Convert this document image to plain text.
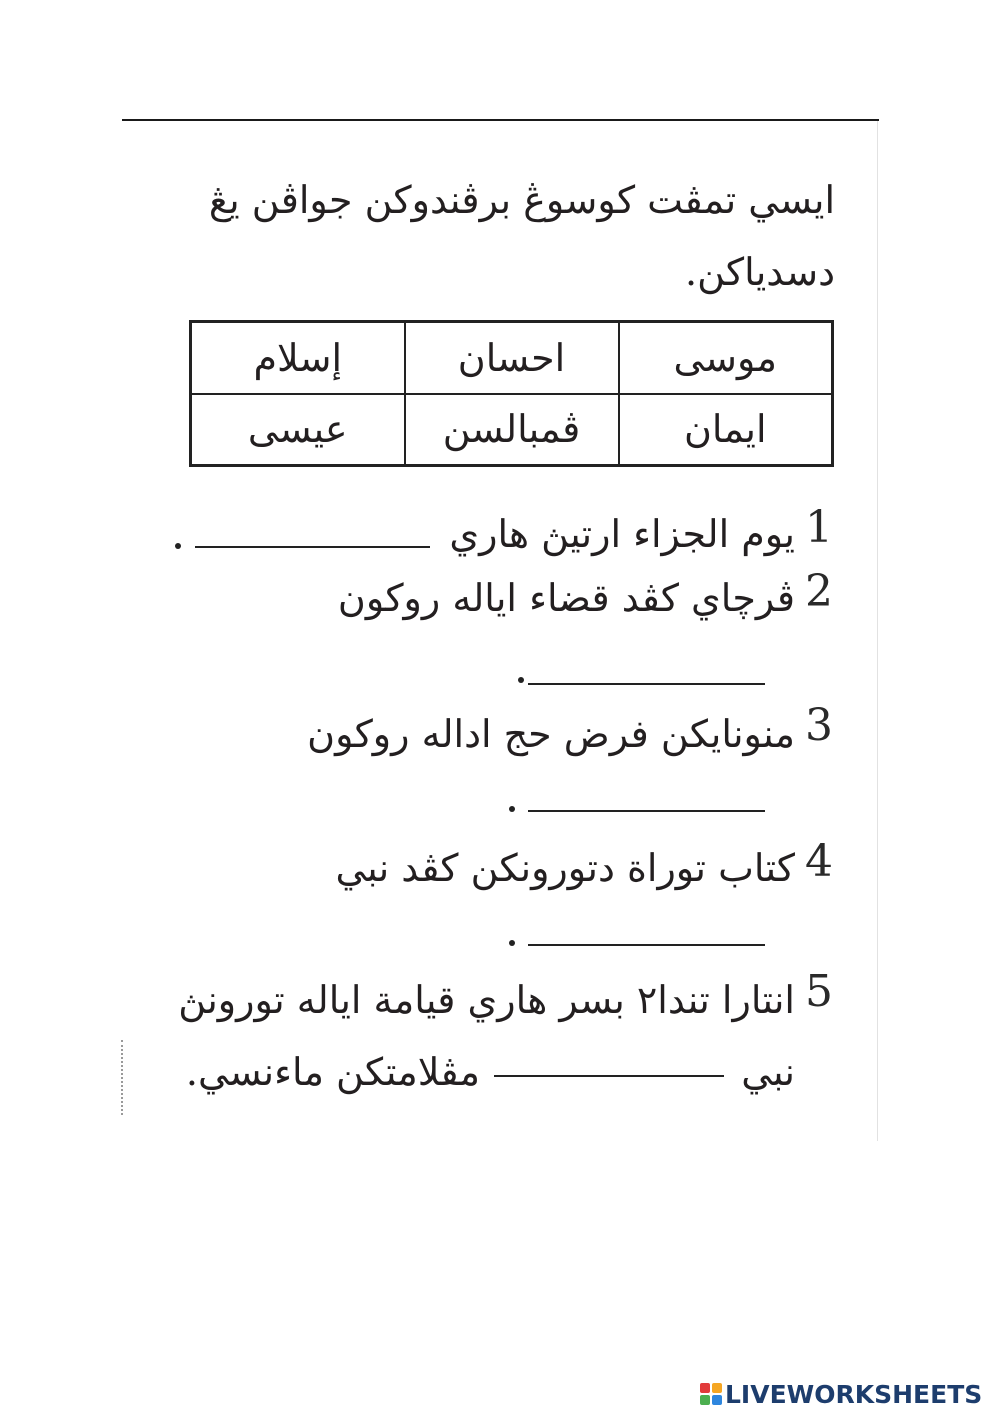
ايسي تمڤت كوسوڠ برڤندوكن جواڤن يڠ
دسدياكن.
موسى	احسان	إسلام
ايمان	ڤمبالسن	عيسى
1
يوم الجزاء ارتيڽ هاري
2
ڤرچاي كڤد قضاء اياله روكون
3
منونايكن فرض حج اداله روكون
4
كتاب توراة دتورونكن كڤد نبي
5
انتارا تندا٢ بسر هاري قيامة اياله تورونڽ
نبي
مڤلامتكن ماءنسي.
LIVEWORKSHEETS
